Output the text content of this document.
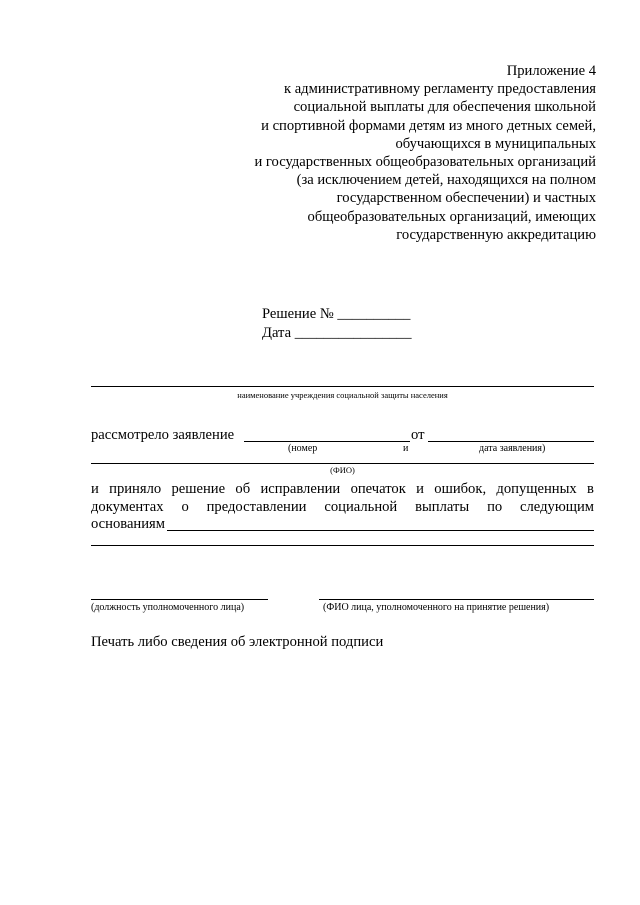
Приложение 4
к административному регламенту предоставления
социальной выплаты для обеспечения школьной
и спортивной формами детям из много детных семей,
обучающихся в муниципальных
и государственных общеобразовательных организаций
(за исключением детей, находящихся на полном
государственном обеспечении) и частных
общеобразовательных организаций, имеющих
государственную аккредитацию
Решение № __________
Дата ________________
наименование учреждения социальной защиты населения
рассмотрело заявление	от
(номер	и	дата заявления)
(ФИО)
и приняло решение об исправлении опечаток и ошибок, допущенных в
документах о предоставлении социальной выплаты по следующим
основаниям
(должность уполномоченного лица)	(ФИО лица, уполномоченного на принятие решения)
Печать либо сведения об электронной подписи
